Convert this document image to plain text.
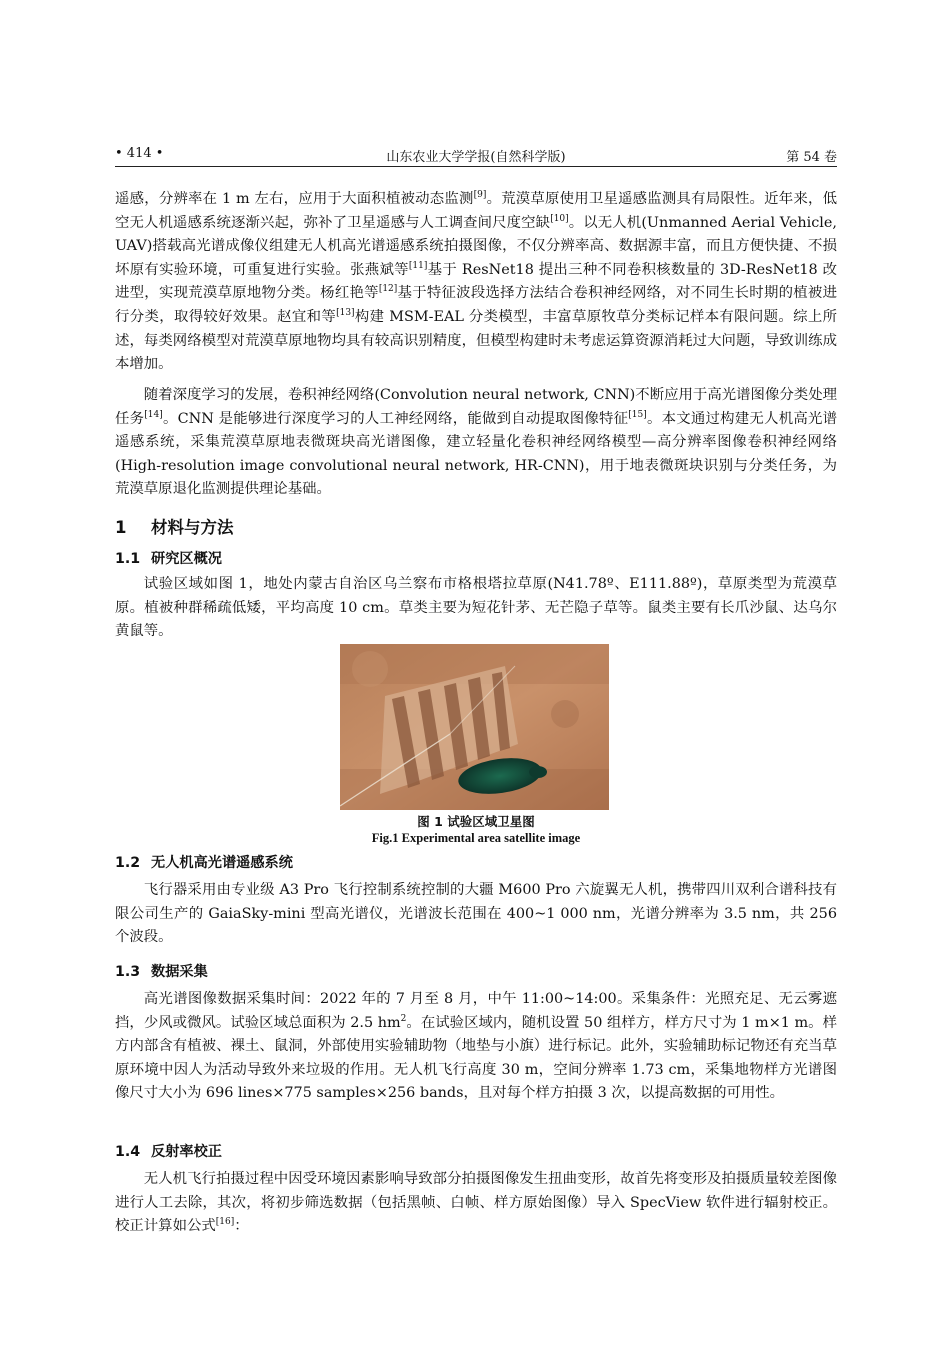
• 414 •	山东农业大学学报(自然科学版)	第 54 卷

遥感，分辨率在 1 m 左右，应用于大面积植被动态监测[9]。荒漠草原使用卫星遥感监测具有局限性。近年来，低空无人机遥感系统逐渐兴起，弥补了卫星遥感与人工调查间尺度空缺[10]。以无人机(Unmanned Aerial Vehicle, UAV)搭载高光谱成像仪组建无人机高光谱遥感系统拍摄图像，不仅分辨率高、数据源丰富，而且方便快捷、不损坏原有实验环境，可重复进行实验。张燕斌等[11]基于 ResNet18 提出三种不同卷积核数量的 3D-ResNet18 改进型，实现荒漠草原地物分类。杨红艳等[12]基于特征波段选择方法结合卷积神经网络，对不同生长时期的植被进行分类，取得较好效果。赵宜和等[13]构建 MSM-EAL 分类模型，丰富草原牧草分类标记样本有限问题。综上所述，每类网络模型对荒漠草原地物均具有较高识别精度，但模型构建时未考虑运算资源消耗过大问题，导致训练成本增加。

随着深度学习的发展，卷积神经网络(Convolution neural network, CNN)不断应用于高光谱图像分类处理任务[14]。CNN 是能够进行深度学习的人工神经网络，能做到自动提取图像特征[15]。本文通过构建无人机高光谱遥感系统，采集荒漠草原地表微斑块高光谱图像，建立轻量化卷积神经网络模型—高分辨率图像卷积神经网络(High-resolution image convolutional neural network, HR-CNN)，用于地表微斑块识别与分类任务，为荒漠草原退化监测提供理论基础。

1 材料与方法
1.1 研究区概况

试验区域如图 1，地处内蒙古自治区乌兰察布市格根塔拉草原(N41.78º、E111.88º)，草原类型为荒漠草原。植被种群稀疏低矮，平均高度 10 cm。草类主要为短花针茅、无芒隐子草等。鼠类主要有长爪沙鼠、达乌尔黄鼠等。

图 1 试验区域卫星图

Fig.1 Experimental area satellite image

1.2 无人机高光谱遥感系统

飞行器采用由专业级 A3 Pro 飞行控制系统控制的大疆 M600 Pro 六旋翼无人机，携带四川双利合谱科技有限公司生产的 GaiaSky-mini 型高光谱仪，光谱波长范围在 400~1 000 nm，光谱分辨率为 3.5 nm，共 256 个波段。

1.3 数据采集

高光谱图像数据采集时间：2022 年的 7 月至 8 月，中午 11:00~14:00。采集条件：光照充足、无云雾遮挡，少风或微风。试验区域总面积为 2.5 $hm^2$。在试验区域内，随机设置 50 组样方，样方尺寸为 1 m×1 m。样方内部含有植被、裸土、鼠洞，外部使用实验辅助物（地垫与小旗）进行标记。此外，实验辅助标记物还有充当草原环境中因人为活动导致外来垃圾的作用。无人机飞行高度 30 m，空间分辨率 1.73 cm，采集地物样方光谱图像尺寸大小为 696 lines×775 samples×256 bands，且对每个样方拍摄 3 次，以提高数据的可用性。

1.4 反射率校正

无人机飞行拍摄过程中因受环境因素影响导致部分拍摄图像发生扭曲变形，故首先将变形及拍摄质量较差图像进行人工去除，其次，将初步筛选数据（包括黑帧、白帧、样方原始图像）导入 SpecView 软件进行辐射校正。校正计算如公式[16]：
